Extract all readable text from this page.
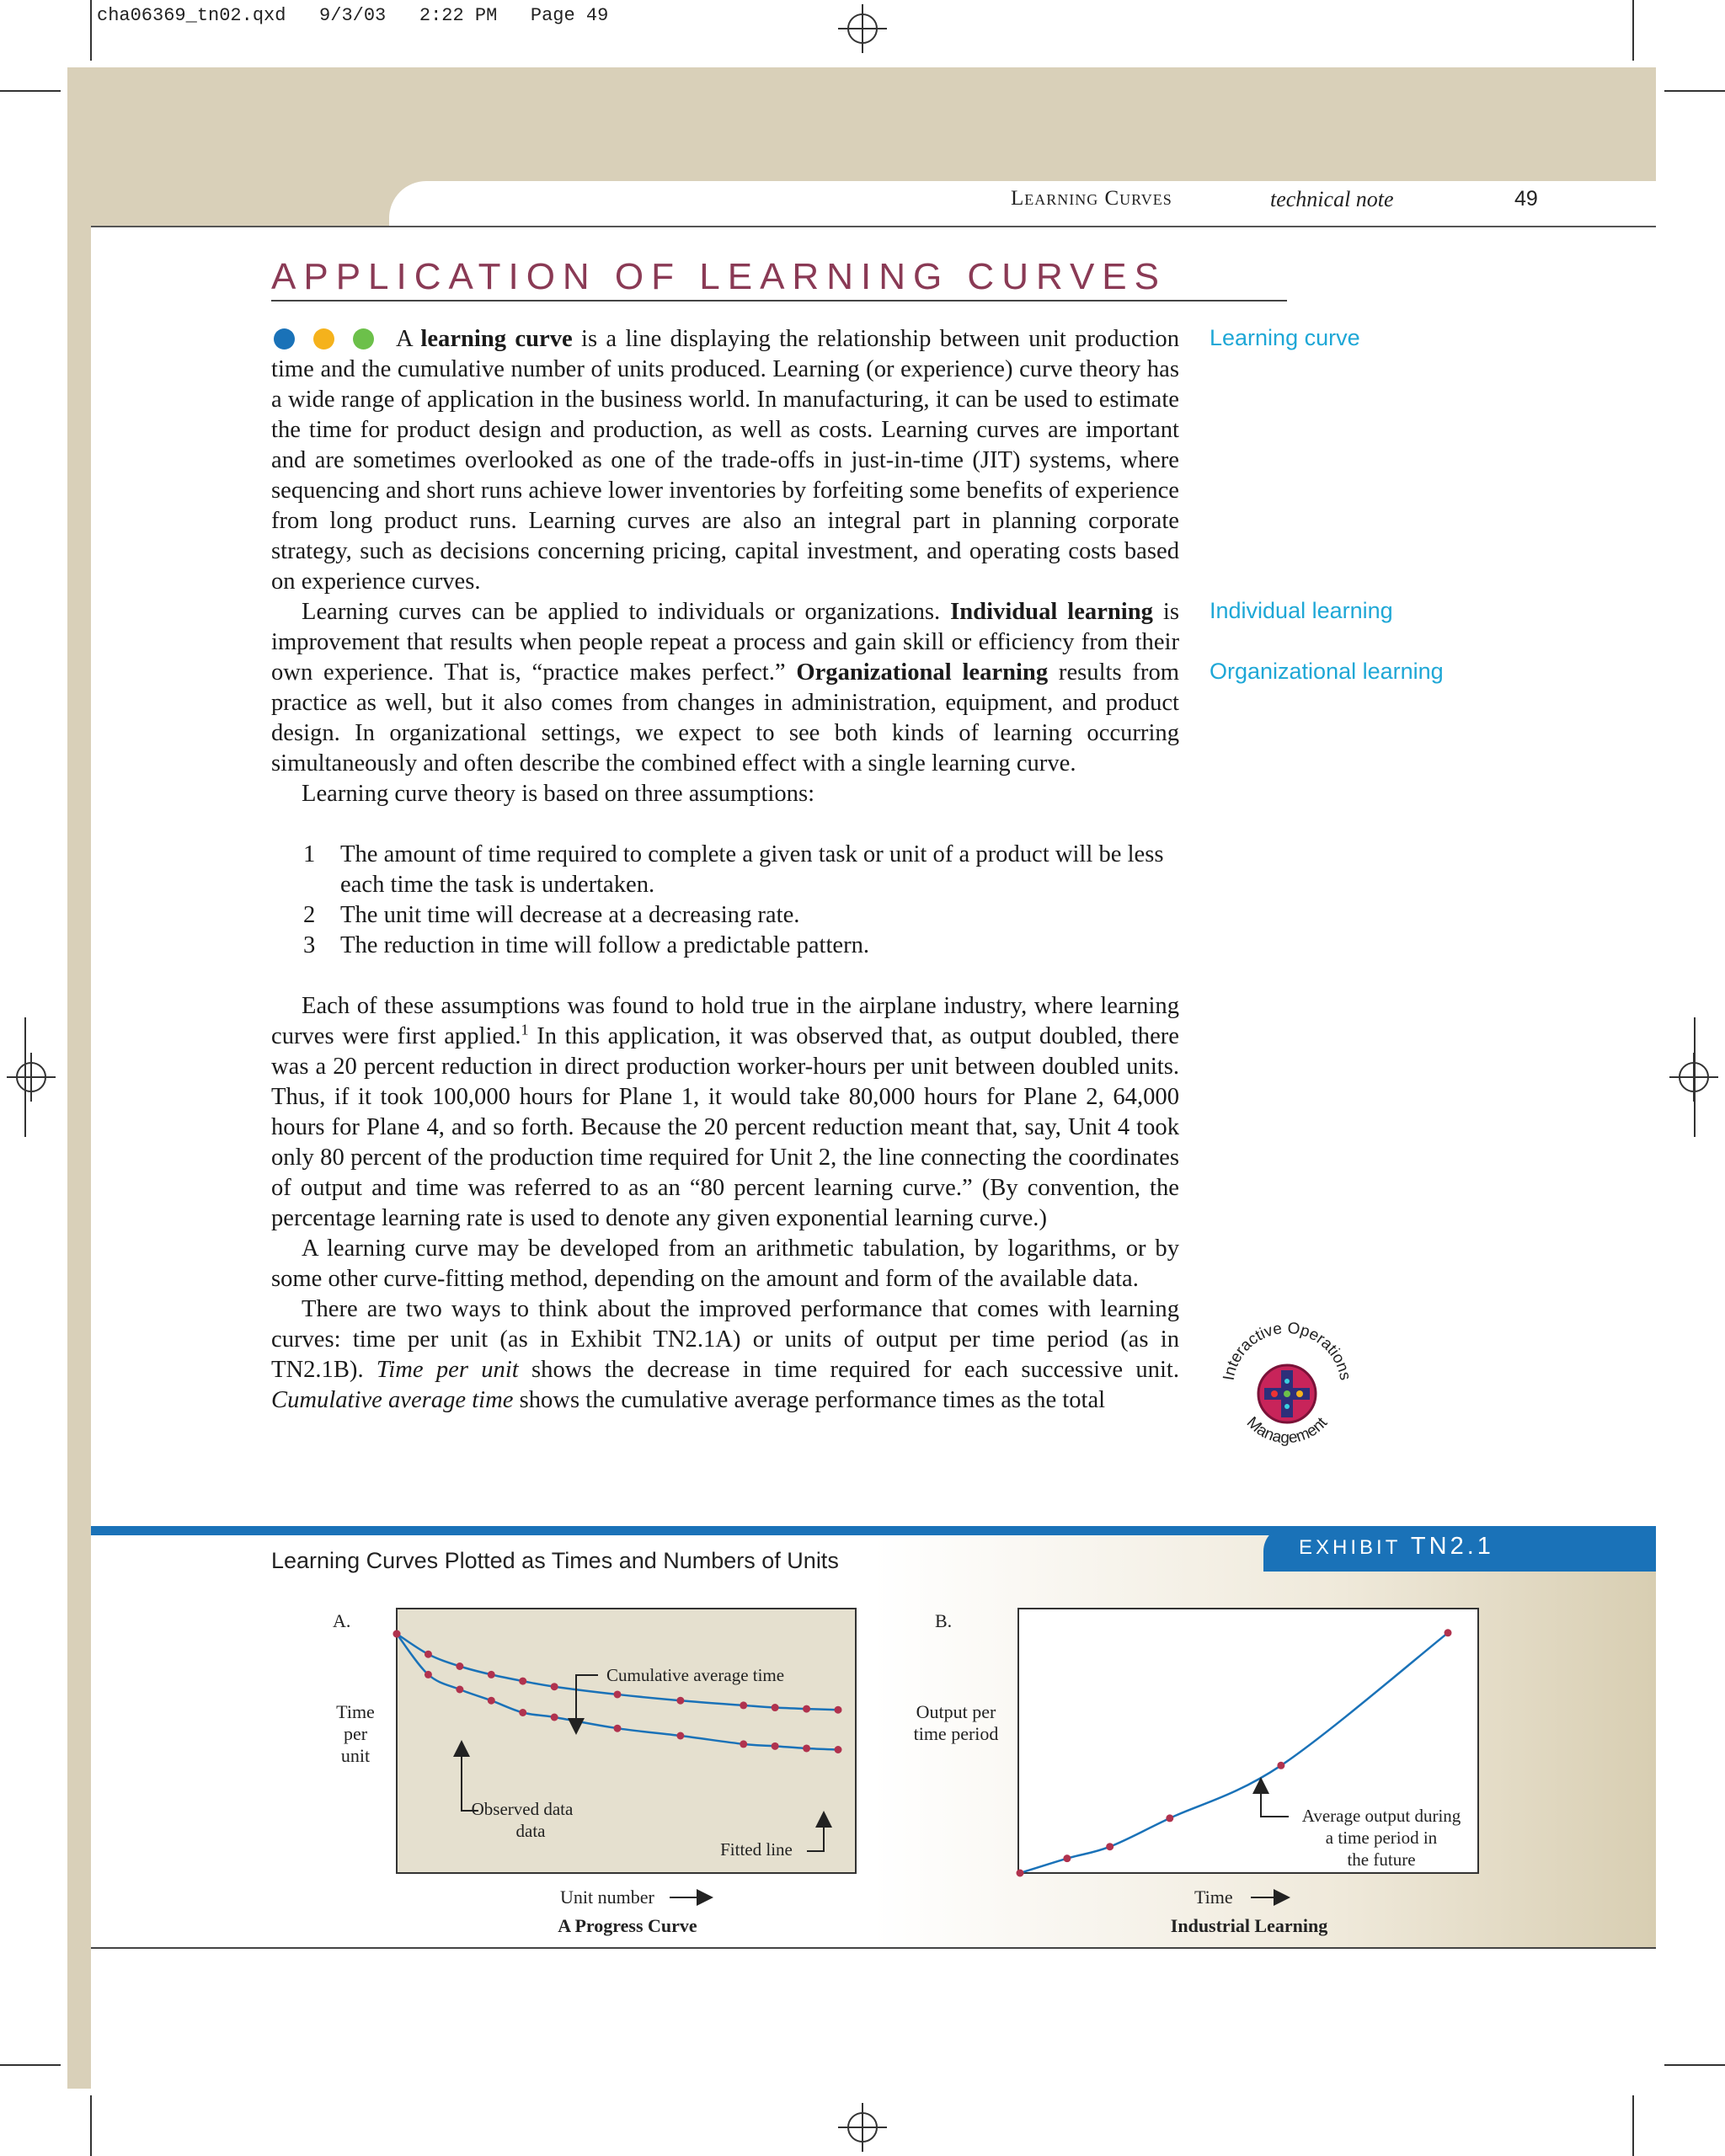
cha06369_tn02.qxd   9/3/03   2:22 PM   Page 49
Learning Curves	technical note	49
APPLICATION OF LEARNING CURVES

A learning curve is a line displaying the relationship between unit production time and the cumulative number of units produced. Learning (or experience) curve theory has a wide range of application in the business world. In manufacturing, it can be used to estimate the time for product design and production, as well as costs. Learning curves are important and are sometimes overlooked as one of the trade-offs in just-in-time (JIT) systems, where sequencing and short runs achieve lower inventories by forfeiting some benefits of experience from long product runs. Learning curves are also an integral part in planning corporate strategy, such as decisions concerning pricing, capital investment, and operating costs based on experience curves.

Learning curves can be applied to individuals or organizations. Individual learning is improvement that results when people repeat a process and gain skill or efficiency from their own experience. That is, “practice makes perfect.” Organizational learning results from practice as well, but it also comes from changes in administration, equipment, and product design. In organizational settings, we expect to see both kinds of learning occurring simultaneously and often describe the combined effect with a single learning curve.

Learning curve theory is based on three assumptions:

1 The amount of time required to complete a given task or unit of a product will be less each time the task is undertaken.
2 The unit time will decrease at a decreasing rate.
3 The reduction in time will follow a predictable pattern.

Each of these assumptions was found to hold true in the airplane industry, where learning curves were first applied.$^1$ In this application, it was observed that, as output doubled, there was a 20 percent reduction in direct production worker-hours per unit between doubled units. Thus, if it took 100,000 hours for Plane 1, it would take 80,000 hours for Plane 2, 64,000 hours for Plane 4, and so forth. Because the 20 percent reduction meant that, say, Unit 4 took only 80 percent of the production time required for Unit 2, the line connecting the coordinates of output and time was referred to as an “80 percent learning curve.” (By convention, the percentage learning rate is used to denote any given exponential learning curve.)

A learning curve may be developed from an arithmetic tabulation, by logarithms, or by some other curve-fitting method, depending on the amount and form of the available data.

There are two ways to think about the improved performance that comes with learning curves: time per unit (as in Exhibit TN2.1A) or units of output per time period (as in TN2.1B). Time per unit shows the decrease in time required for each successive unit. Cumulative average time shows the cumulative average performance times as the total

Learning curve
Individual learning
Organizational learning
Interactive Operations
Management
EXHIBIT TN2.1
Learning Curves Plotted as Times and Numbers of Units
A.
Time
per
unit
Unit number
A Progress Curve
Cumulative average time
Observed data
data
Fitted line
B.
Output per
time period
Time
Industrial Learning
Average output during
a time period in
the future
